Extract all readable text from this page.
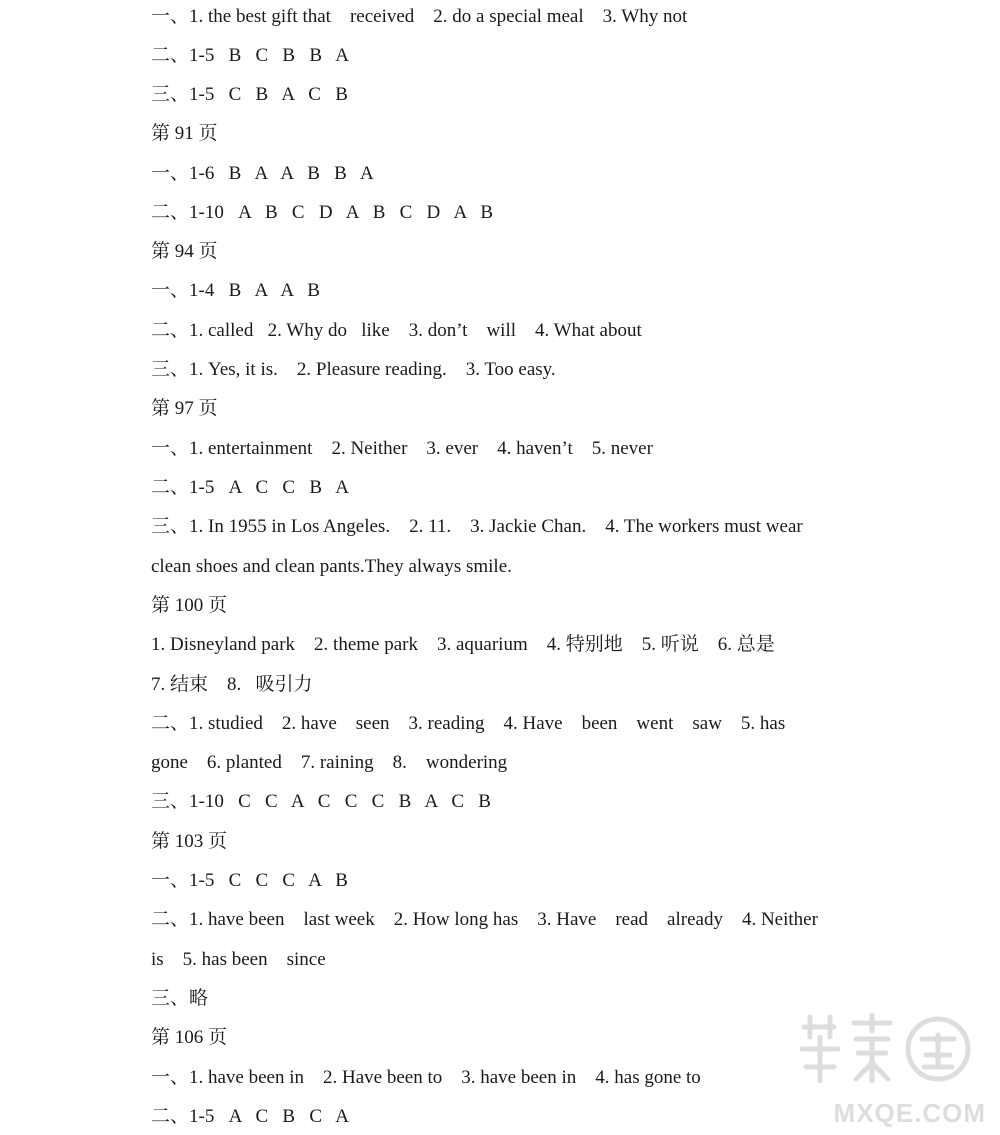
一、1. the best gift that    received    2. do a special meal    3. Why not
二、1-5   B   C   B   B   A
三、1-5   C   B   A   C   B
第 91 页
一、1-6   B   A   A   B   B   A
二、1-10   A   B   C   D   A   B   C   D   A   B
第 94 页
一、1-4   B   A   A   B
二、1. called   2. Why do   like    3. don’t    will    4. What about
三、1. Yes, it is.    2. Pleasure reading.    3. Too easy.
第 97 页
一、1. entertainment    2. Neither    3. ever    4. haven’t    5. never
二、1-5   A   C   C   B   A
三、1. In 1955 in Los Angeles.    2. 11.    3. Jackie Chan.    4. The workers must wear
clean shoes and clean pants.They always smile.
第 100 页
1. Disneyland park    2. theme park    3. aquarium    4. 特别地    5. 听说    6. 总是
7. 结束    8.   吸引力
二、1. studied    2. have    seen    3. reading    4. Have    been    went    saw    5. has
gone    6. planted    7. raining    8.    wondering
三、1-10   C   C   A   C   C   C   B   A   C   B
第 103 页
一、1-5   C   C   C   A   B
二、1. have been    last week    2. How long has    3. Have    read    already    4. Neither
is    5. has been    since
三、略
第 106 页
一、1. have been in    2. Have been to    3. have been in    4. has gone to
二、1-5   A   C   B   C   A	MXQE.COM
